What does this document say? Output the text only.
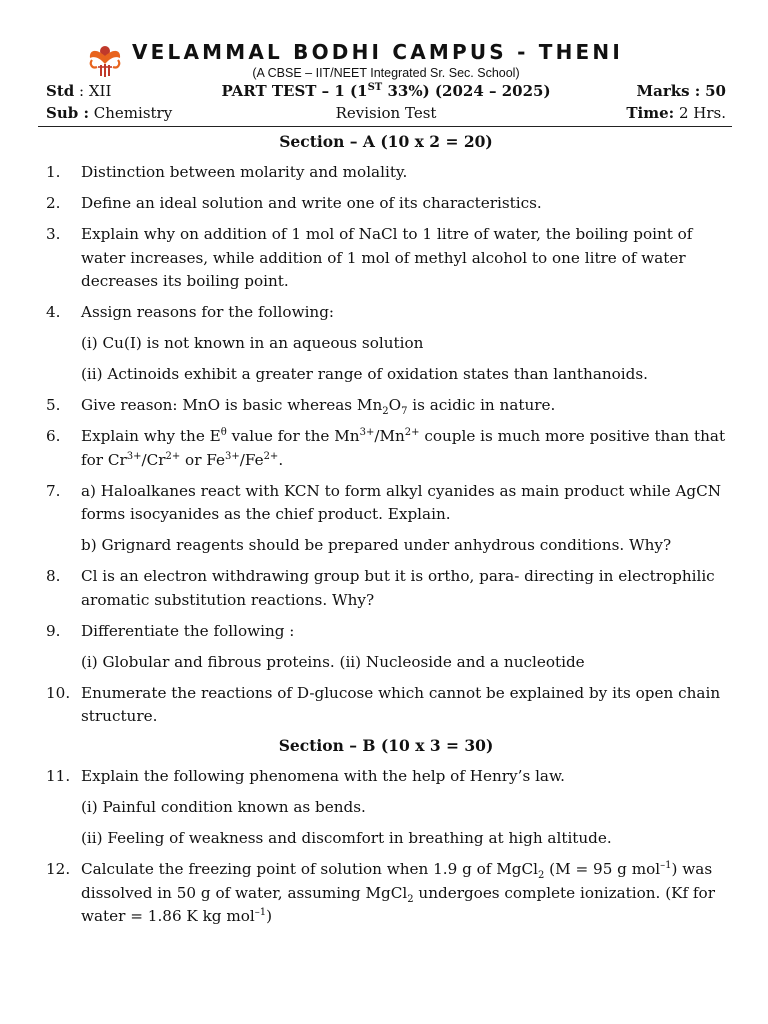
VELAMMAL BODHI CAMPUS - THENI
(A CBSE – IIT/NEET Integrated Sr. Sec. School)
Std : XII	PART TEST – 1 (1ST 33%) (2024 – 2025)	Marks : 50
Sub : Chemistry	Revision Test	Time: 2 Hrs.
Section – A (10 x 2 = 20)
1. Distinction between molarity and molality.
2. Define an ideal solution and write one of its characteristics.
3. Explain why on addition of 1 mol of NaCl to 1 litre of water, the boiling point of water increases, while addition of 1 mol of methyl alcohol to one litre of water decreases its boiling point.
4. Assign reasons for the following:
(i) Cu(I) is not known in an aqueous solution
(ii) Actinoids exhibit a greater range of oxidation states than lanthanoids.
5. Give reason: MnO is basic whereas $Mn_2O_7$ is acidic in nature.
6. Explain why the $E^\theta$ value for the $Mn^{3+}/Mn^{2+}$ couple is much more positive than that for $Cr^{3+}/Cr^{2+}$ or $Fe^{3+}/Fe^{2+}$.
7. a) Haloalkanes react with KCN to form alkyl cyanides as main product while AgCN forms isocyanides as the chief product. Explain.
b) Grignard reagents should be prepared under anhydrous conditions. Why?
8. Cl is an electron withdrawing group but it is ortho, para- directing in electrophilic aromatic substitution reactions. Why?
9. Differentiate the following :
(i) Globular and fibrous proteins. (ii) Nucleoside and a nucleotide
10. Enumerate the reactions of D-glucose which cannot be explained by its open chain structure.
Section – B (10 x 3 = 30)
11. Explain the following phenomena with the help of Henry’s law.
(i) Painful condition known as bends.
(ii) Feeling of weakness and discomfort in breathing at high altitude.
12. Calculate the freezing point of solution when 1.9 g of MgCl$_2$ (M = 95 g mol$^{-1}$) was dissolved in 50 g of water, assuming MgCl$_2$ undergoes complete ionization. (Kf for water = 1.86 K kg mol$^{-1}$)
